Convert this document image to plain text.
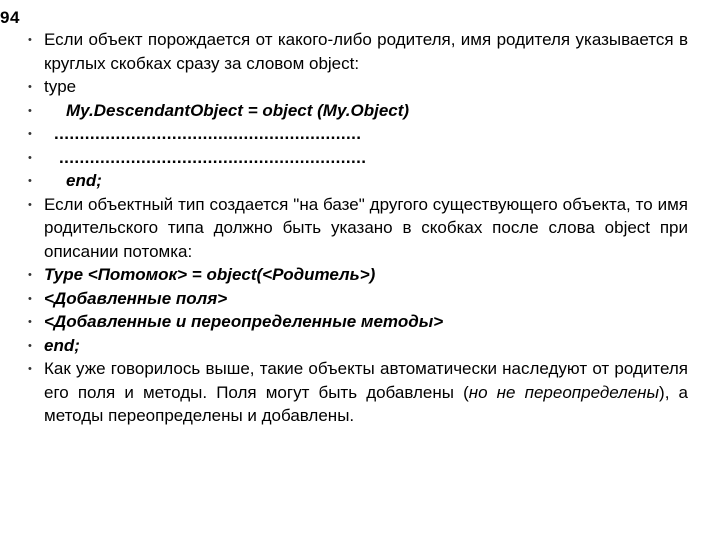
94
• Если объект порождается от какого-либо родителя, имя родителя указывается в круглых скобках сразу за словом object:
• type
• My.DescendantObject = object (My.Object)
• ............................................................
• ............................................................
• end;
• Если объектный тип создается "на базе" другого существующего объекта, то имя родительского типа должно быть указано в скобках после слова object при описании потомка:
• Type <Потомок> = object(<Родитель>)
• <Добавленные поля>
• <Добавленные и переопределенные методы>
• end;
• Как уже говорилось выше, такие объекты автоматически наследуют от родителя его поля и методы. Поля могут быть добавлены (но не переопределены), а методы переопределены и добавлены.
